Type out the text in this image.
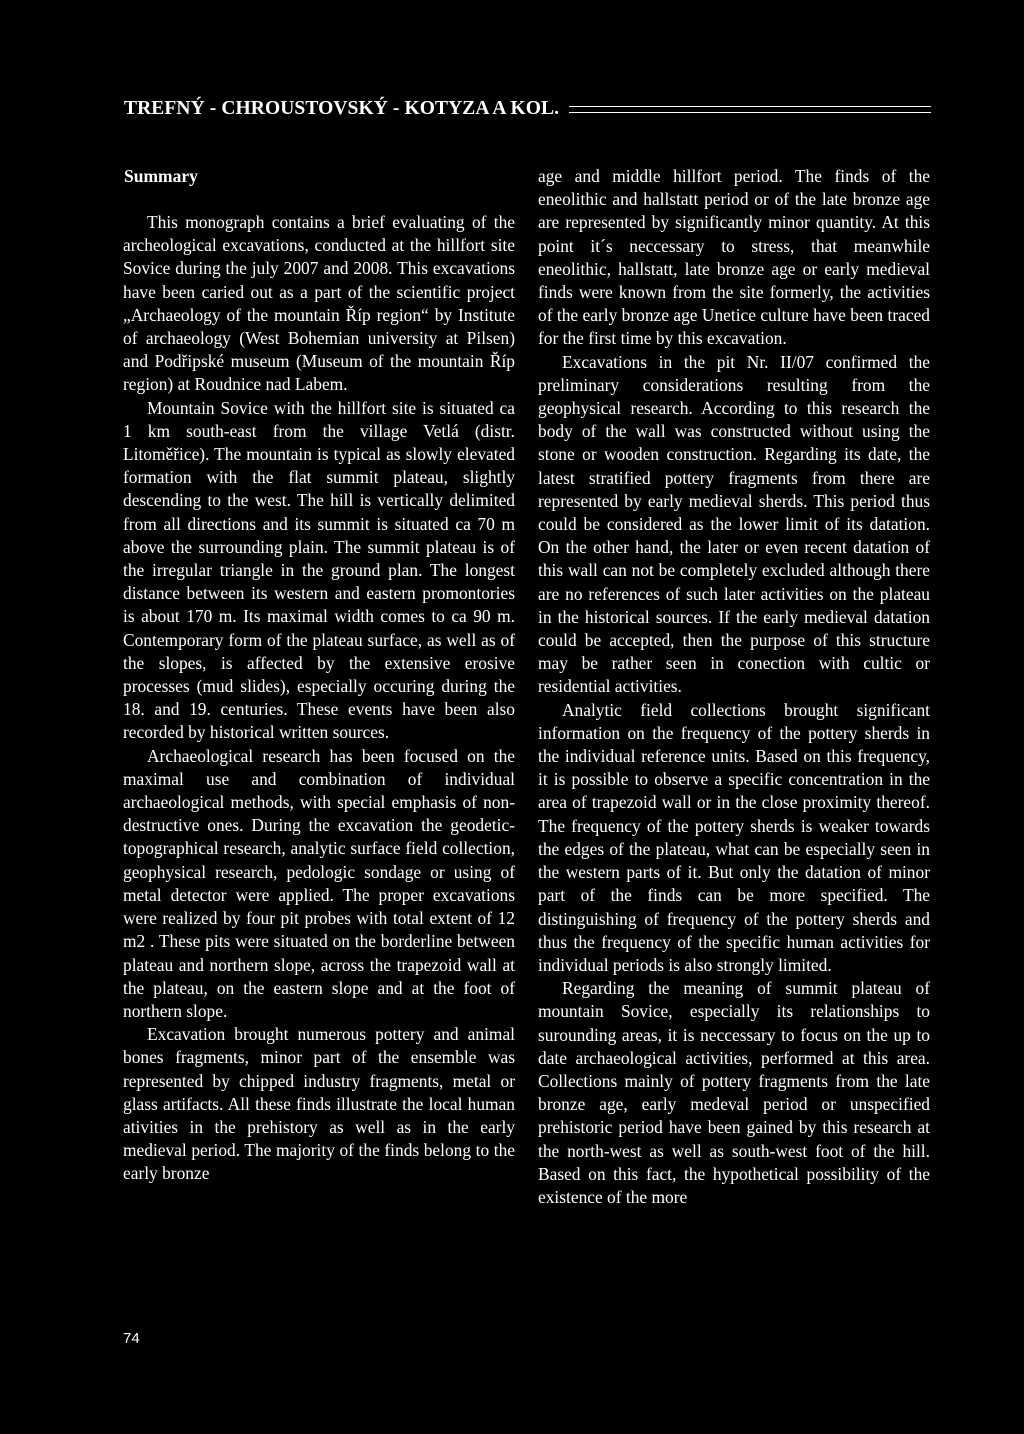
TREFNÝ - CHROUSTOVSKÝ - KOTYZA A KOL.
Summary

This monograph contains a brief evaluating of the archeological excavations, conducted at the hillfort site Sovice during the july 2007 and 2008. This excavations have been caried out as a part of the scientific project „Archaeology of the mountain Říp region“ by Institute of archaeology (West Bohemian university at Pilsen) and Podřipské museum (Museum of the mountain Říp region) at Roudnice nad Labem.

Mountain Sovice with the hillfort site is situated ca 1 km south-east from the village Vetlá (distr. Litoměřice). The mountain is typical as slowly elevated formation with the flat summit plateau, slightly descending to the west. The hill is vertically delimited from all directions and its summit is situated ca 70 m above the surrounding plain. The summit plateau is of the irregular triangle in the ground plan. The longest distance between its western and eastern promontories is about 170 m. Its maximal width comes to ca 90 m. Contemporary form of the plateau surface, as well as of the slopes, is affected by the extensive erosive processes (mud slides), especially occuring during the 18. and 19. centuries. These events have been also recorded by historical written sources.

Archaeological research has been focused on the maximal use and combination of individual archaeological methods, with special emphasis of non-destructive ones. During the excavation the geodetic-topographical research, analytic surface field collection, geophysical research, pedologic sondage or using of metal detector were applied. The proper excavations were realized by four pit probes with total extent of 12 m2 . These pits were situated on the borderline between plateau and northern slope, across the trapezoid wall at the plateau, on the eastern slope and at the foot of northern slope.

Excavation brought numerous pottery and animal bones fragments, minor part of the ensemble was represented by chipped industry fragments, metal or glass artifacts. All these finds illustrate the local human ativities in the prehistory as well as in the early medieval period. The majority of the finds belong to the early bronze

age and middle hillfort period. The finds of the eneolithic and hallstatt period or of the late bronze age are represented by significantly minor quantity. At this point it´s neccessary to stress, that meanwhile eneolithic, hallstatt, late bronze age or early medieval finds were known from the site formerly, the activities of the early bronze age Unetice culture have been traced for the first time by this excavation.

Excavations in the pit Nr. II/07 confirmed the preliminary considerations resulting from the geophysical research. According to this research the body of the wall was constructed without using the stone or wooden construction. Regarding its date, the latest stratified pottery fragments from there are represented by early medieval sherds. This period thus could be considered as the lower limit of its datation. On the other hand, the later or even recent datation of this wall can not be completely excluded although there are no references of such later activities on the plateau in the historical sources. If the early medieval datation could be accepted, then the purpose of this structure may be rather seen in conection with cultic or residential activities.

Analytic field collections brought significant information on the frequency of the pottery sherds in the individual reference units. Based on this frequency, it is possible to observe a specific concentration in the area of trapezoid wall or in the close proximity thereof. The frequency of the pottery sherds is weaker towards the edges of the plateau, what can be especially seen in the western parts of it. But only the datation of minor part of the finds can be more specified. The distinguishing of frequency of the pottery sherds and thus the frequency of the specific human activities for individual periods is also strongly limited.

Regarding the meaning of summit plateau of mountain Sovice, especially its relationships to surounding areas, it is neccessary to focus on the up to date archaeological activities, performed at this area. Collections mainly of pottery fragments from the late bronze age, early medeval period or unspecified prehistoric period have been gained by this research at the north-west as well as south-west foot of the hill. Based on this fact, the hypothetical possibility of the existence of the more

74
